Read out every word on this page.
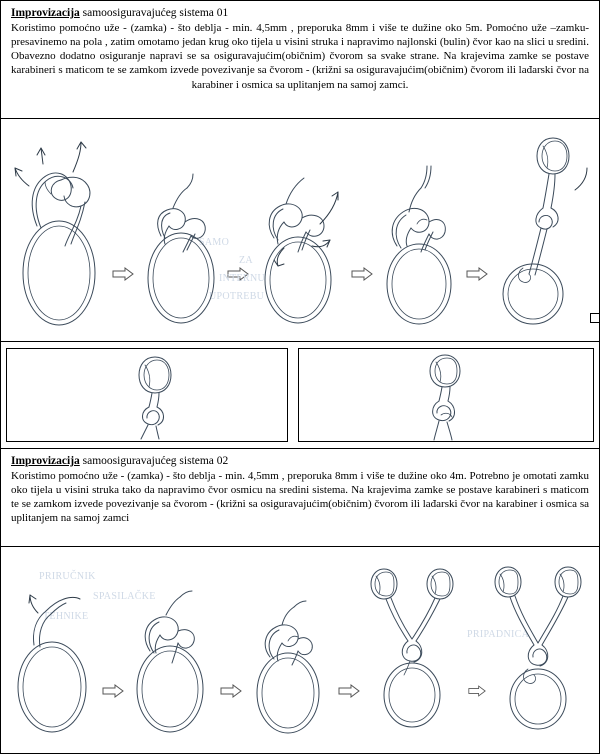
Improvizacija samoosiguravajućeg sistema 01
Koristimo pomoćno uže - (zamka) - što deblja - min. 4,5mm , preporuka 8mm i više te dužine oko 5m. Pomoćno uže –zamku- presavinemo na pola , zatim omotamo jedan krug oko tijela u visini struka i napravimo najlonski (bulin) čvor kao na slici u sredini. Obavezno dodatno osiguranje napravi se sa osiguravajućim(običnim) čvorom sa svake strane. Na krajevima zamke se postave karabineri s maticom te se zamkom izvede povezivanje sa čvorom - (križni sa osiguravajućim(običnim) čvorom ili lađarski čvor na karabiner i osmica sa uplitanjem na samoj zamci.
SAMO
ZA
INTERNU
UPOTREBU
Improvizacija samoosiguravajućeg sistema 02
Koristimo pomoćno uže - (zamka) - što deblja - min. 4,5mm , preporuka 8mm i više te dužine oko 4m. Potrebno je omotati zamku oko tijela u visini struka tako da napravimo čvor osmicu na sredini sistema. Na krajevima zamke se postave karabineri s maticom te se zamkom izvede povezivanje sa čvorom - (križni sa osiguravajućim(običnim) čvorom ili lađarski čvor na karabiner i osmica sa uplitanjem na samoj zamci
PRIRUČNIK
SPASILAČKE
TEHNIKE
PRIPADNICA
